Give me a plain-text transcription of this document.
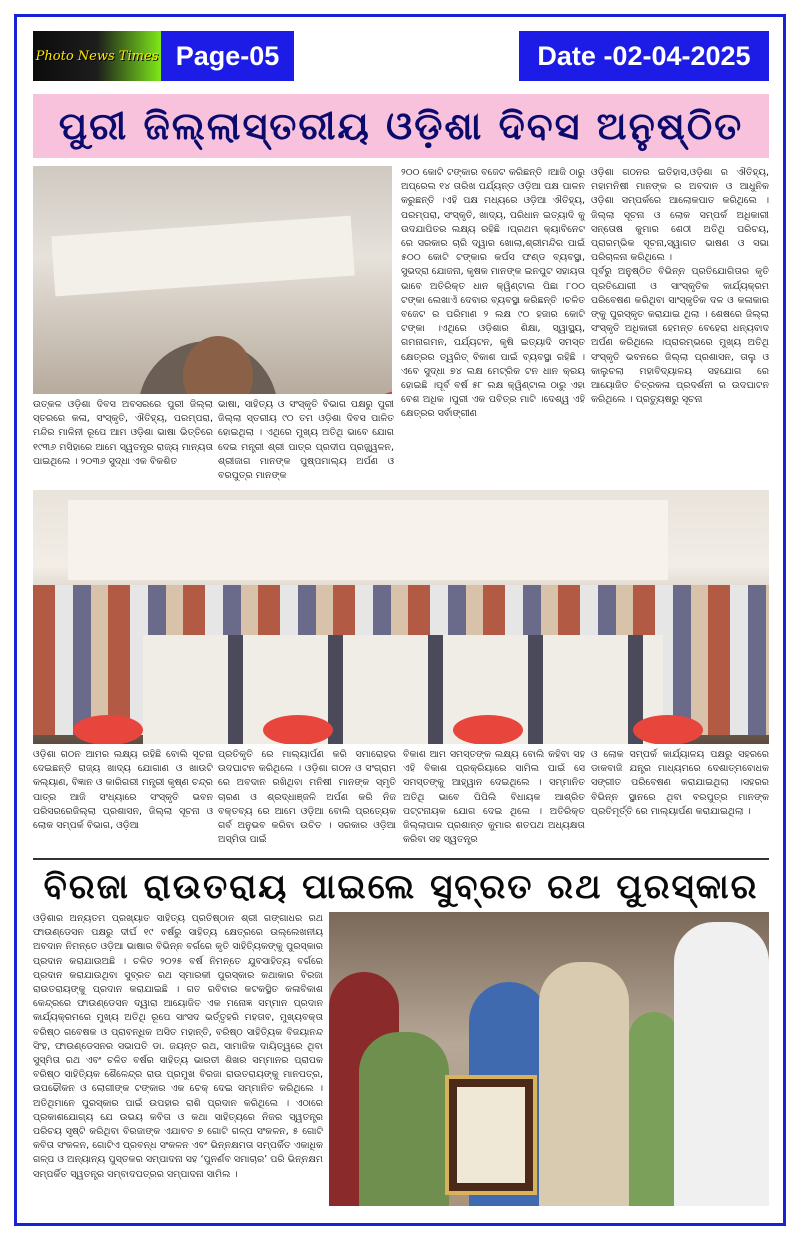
Photo News Times Page-05	Date -02-04-2025
ପୁରୀ ଜିଲ୍ଲାସ୍ତରୀୟ ଓଡ଼ିଶା ଦିବସ ଅନୁଷ୍ଠିତ
ଉତ୍କଳ ଓଡ଼ିଶା ଦିବସ ଅବସରରେ ପୁରୀ ଜିଲ୍ଲା ସ୍ତରରେ କଳା, ସଂସ୍କୃତି, ଐତିହ୍ୟ, ପରମ୍ପରା, ମନ୍ଦିର ମାଳିନୀ ରୂପେ ଆମ ଓଡ଼ିଶା ଭାଷା ଭିତ୍ତିରେ ୧୯୩୬ ମସିହାରେ ଆମେ ସ୍ୱତନ୍ତ୍ର ରାଜ୍ୟ ମାନ୍ୟତା ପାଇଥିଲେ । ୨୦୩୬ ସୁଦ୍ଧା ଏକ ବିକଶିତ
ଭାଷା, ସାହିତ୍ୟ ଓ ସଂସ୍କୃତି ବିଭାଗ ପକ୍ଷରୁ ପୁରୀ ଜିଲ୍ଲା ସ୍ତରୀୟ ୯୦ ତମ ଓଡ଼ିଶା ଦିବସ ପାଳିତ ହୋଇଥିଲା । ଏଥିରେ ମୁଖ୍ୟ ଅତିଥି ଭାବେ ଯୋଗ ଦେଇ ମନ୍ତ୍ରୀ ଶ୍ରୀ ପାତ୍ର ପ୍ରଦୀପ ପ୍ରଜ୍ଜ୍ୱଳନ, ଶ୍ରୀଜାଗ ମାନଙ୍କ ପୁଷ୍ପମାଲ୍ୟ ଅର୍ପଣ ଓ ବରପୁତ୍ର ମାନଙ୍କ
୨୦୦ କୋଟି ଟଙ୍କାର ବଜେଟ କରିଛନ୍ତି ।ଆଜି ଠାରୁ ଅପ୍ରେଲ ୧୪ ତାରିଖ ପର୍ଯ୍ୟନ୍ତ ଓଡ଼ିଆ ପକ୍ଷ ପାଳନ କରୁଛନ୍ତି ।ଏହି ପକ୍ଷ ମଧ୍ୟରେ ଓଡ଼ିଆ ଐତିହ୍ୟ, ପରମ୍ପରା, ସଂସ୍କୃତି, ଖାଦ୍ୟ, ପରିଧାନ ଇତ୍ୟାଦି କୁ ଉଦଯାପିତର ଲକ୍ଷ୍ୟ ରହିଛି ।ପ୍ରଥମ କ୍ୟାବିନେଟ ରେ ସରକାର ଚାରି ଦ୍ୱାର ଖୋଲା,ଶ୍ରୀମନ୍ଦିର ପାଇଁ ୫୦୦ କୋଟି ଟଙ୍କାର କର୍ପସ ଫଣ୍ଡ ବ୍ୟବସ୍ଥା, ସୁଭଦ୍ରା ଯୋଜନା, କୃଷକ ମାନଙ୍କ ଇନପୁଟ ସହାୟତା ଭାବେ ଅତିରିକ୍ତ ଧାନ କ୍ୱିଣ୍ଟାଲ ପିଛା ୮୦୦ ଟଙ୍କା ଲେଖାଏଁ ଦେବାର ବ୍ୟବସ୍ଥା କରିଛନ୍ତି ।ଚଳିତ ବଜେଟ ର ପରିମାଣ ୨ ଲକ୍ଷ ୯୦ ହଜାର କୋଟି ଟଙ୍କା ।ଏଥିରେ ଓଡ଼ିଶାର ଶିକ୍ଷା, ସ୍ୱାସ୍ଥ୍ୟ, ଗମନାଗମନ, ପର୍ଯ୍ୟଟନ, କୃଷି ଇତ୍ୟାଦି ସମସ୍ତ କ୍ଷେତ୍ରର ତ୍ୱରିତ୍ ବିକାଶ ପାଇଁ ବ୍ୟବସ୍ଥା ରହିଛି । ଏବେ ସୁଦ୍ଧା ୭୪ ଲକ୍ଷ ମେଟ୍ରିକ ଟନ ଧାନ କ୍ରୟ ହୋଇଛି ।ପୂର୍ବ ବର୍ଷ ୫୮ ଲକ୍ଷ କ୍ୱିଣ୍ଟାଲ ଠାରୁ ଏହା ବେଶ ଅଧିକ ।ପୁରୀ ଏକ ପବିତ୍ର ମାଟି ।ଦେଶ୍ୱ ଏହି କ୍ଷେତ୍ରର ସର୍ବାଙ୍ଗୀଣ
ଓଡ଼ିଶା ଗଠନର ଇତିହାସ,ଓଡ଼ିଶା ର ଐତିହ୍ୟ, ମହାମନିଷୀ ମାନଙ୍କ ର ଅବଦାନ ଓ ଆଧୁନିକ ଓଡ଼ିଶା ସମ୍ପର୍କରେ ଆଲୋକପାତ କରିଥିଲେ । ଜିଲ୍ଲା ସୂଚନା ଓ ଲୋକ ସମ୍ପର୍କ ଅଧିକାରୀ ସନ୍ତୋଷ କୁମାର ଶେଠୀ ଅତିଥି ପରିଚୟ, ପ୍ରାରମ୍ଭିକ ସୂଚନା,ସ୍ୱାଗତ ଭାଷଣ ଓ ସଭା ପରିଚାଳନା କରିଥିଲେ ।
ପୂର୍ବରୁ ଅନୁଷ୍ଠିତ ବିଭିନ୍ନ ପ୍ରତିଯୋଗିତାର କୃତି ପ୍ରତିଯୋଗୀ ଓ ସାଂସ୍କୃତିକ କାର୍ଯ୍ୟକ୍ରମ ପରିବେଷଣ କରିଥିବା ସାଂସ୍କୃତିକ ଦଳ ଓ କଳାକାର ଙ୍କୁ ପୁରସ୍କୃତ କରାଯାଇ ଥିଲା । ଶେଷରେ ଜିଲ୍ଲା ସଂସ୍କୃତି ଅଧିକାରୀ ହେମନ୍ତ ବେହେରା ଧନ୍ୟବାଦ ଅର୍ପଣ କରିଥିଲେ ।ପ୍ରାରମ୍ଭରେ ମୁଖ୍ୟ ଅତିଥି ସଂସ୍କୃତି ଭବନରେ ଜିଲ୍ଲା ପ୍ରଶାସନ, ତାଲୁ ଓ କାଲୁଚଲା ମହାବିଦ୍ୟାଳୟ ସହଯୋଗ ରେ ଆୟୋଜିତ ଚିତ୍ରକଳା ପ୍ରଦର୍ଶନୀ ର ଉଦଘାଟନ କରିଥିଲେ । ପ୍ରତ୍ୟୁଷରୁ ସୂଚନା
ଓଡ଼ିଶା ଗଠନ ଆମର ଲକ୍ଷ୍ୟ ରହିଛି ବୋଲି ସୂଚନା ଦେଇଛନ୍ତି ରାଜ୍ୟ ଖାଦ୍ୟ ଯୋଗାଣ ଓ ଖାଉଟି କଲ୍ୟାଣ, ବିଜ୍ଞାନ ଓ କାରିଗରୀ ମନ୍ତ୍ରୀ କୃଷ୍ଣ ଚନ୍ଦ୍ର ପାତ୍ର ଆଜି ସଂଧ୍ୟାରେ ସଂସ୍କୃତି ଭବନ ପରିସରରେଜିଲ୍ଲା ପ୍ରଶାସନ, ଜିଲ୍ଲା ସୂଚନା ଓ ଲୋକ ସମ୍ପର୍କ ବିଭାଗ, ଓଡ଼ିଆ
ପ୍ରତିକୃତି ରେ ମାଲ୍ୟାର୍ପଣ କରି ସମାରୋହର ଉଦଘାଟନ କରିଥିଲେ । ଓଡ଼ିଶା ଗଠନ ଓ ସଂଗ୍ରାମ ରେ ଅବଦାନ ରଖିଥିବା ମନିଷୀ ମାନଙ୍କ ସ୍ମୃତି ଚାରଣ ଓ ଶ୍ରଦ୍ଧାଞ୍ଜଳି ଅର୍ପଣ କରି ନିଜ ବକ୍ତବ୍ୟ ରେ ଆମେ ଓଡ଼ିଆ ବୋଲି ପ୍ରତ୍ୟେକ ଗର୍ବ ଅନୁଭବ କରିବା ଉଚିତ । ସରକାର ଓଡ଼ିଆ ଅସ୍ମିତା ପାଇଁ
ବିକାଶ ଆମ ସମସ୍ତଙ୍କ ଲକ୍ଷ୍ୟ ବୋଲି କହିବା ସହ ଏହି ବିକାଶ ପ୍ରକ୍ରିୟାରେ ସାମିଲ ପାଇଁ ସେ ସମସ୍ତଙ୍କୁ ଆହ୍ୱାନ ଦେଇଥିଲେ । ସମ୍ମାନିତ ଅତିଥି ଭାବେ ପିପିଲି ବିଧାୟକ ଆଶ୍ରିତ ପଟ୍ଟନାୟକ ଯୋଗ ଦେଇ ଥିଲେ । ଅତିରିକ୍ତ ଜିଲ୍ଲାପାଳ ପ୍ରଶାନ୍ତ କୁମାର ଶତପଥ ଅଧ୍ୟକ୍ଷତା କରିବା ସହ ସ୍ୱତନ୍ତ୍ର
ଓ ଲୋକ ସମ୍ପର୍କ କାର୍ଯ୍ୟାଳୟ ପକ୍ଷରୁ ସହରରେ ଡାକବାଜି ଯନ୍ତ୍ର ମାଧ୍ୟମରେ ଦେଶାତ୍ମବୋଧକ ସଙ୍ଗୀତ ପରିବେଷଣ କରାଯାଇଥିଲା ।ସହରର ବିଭିନ୍ନ ସ୍ଥାନରେ ଥିବା ବରପୁତ୍ର ମାନଙ୍କ ପ୍ରତିମୂର୍ତ୍ତି ରେ ମାଲ୍ୟାର୍ପଣ କରାଯାଇଥିଲା ।
ବିରଜା ରାଉତରାୟ ପାଇଲେ ସୁବ୍ରତ ରଥ ପୁରସ୍କାର
ଓଡ଼ିଶାର ଅନ୍ୟତମ ପ୍ରଖ୍ୟାତ ସାହିତ୍ୟ ପ୍ରତିଷ୍ଠାନ ଶ୍ରୀ ଗଙ୍ଗାଧର ରଥ ଫାଉଣ୍ଡେସନ ପକ୍ଷରୁ ଦୀର୍ଘ ୧୯ ବର୍ଷରୁ ସାହିତ୍ୟ କ୍ଷେତ୍ରରେ ଉଲ୍ଲେଖନୀୟ ଅବଦାନ ନିମନ୍ତେ ଓଡ଼ିଆ ଭାଷାର ବିଭିନ୍ନ ବର୍ଗରେ କୃତି ସାହିତ୍ୟିକଙ୍କୁ ପୁରସ୍କାର ପ୍ରଦାନ କରାଯାଉଅଛି । ଚଳିତ ୨୦୨୫ ବର୍ଷ ନିମନ୍ତେ ଯୁବସାହିତ୍ୟ ବର୍ଗରେ ପ୍ରଦାନ କରାଯାଉଥିବା ସୁବ୍ରତ ରଥ ସ୍ମାରକୀ ପୁରସ୍କାର କଥାକାର ବିରଜା ରାଉତରାୟଙ୍କୁ ପ୍ରଦାନ କରାଯାଇଛି । ଗତ ରବିବାର କଟକସ୍ଥିତ କଳାବିକାଶ କେନ୍ଦ୍ରରେ ଫାଉଣ୍ଡେସନ ଦ୍ୱାରା ଆୟୋଜିତ ଏକ ମନୋଜ୍ଞ ସମ୍ମାନ ପ୍ରଦାନ କାର୍ଯ୍ୟକ୍ରମରେ ମୁଖ୍ୟ ଅତିଥି ରୂପେ ସାଂସଦ ଭର୍ତ୍ତୃହରି ମହତାବ, ମୁଖ୍ୟବକ୍ତା ବରିଷ୍ଠ ଗବେଷକ ଓ ପ୍ରାବନ୍ଧିକ ଅସିତ ମହାନ୍ତି, ବରିଷ୍ଠ ସାହିତ୍ୟିକ ବିଜୟାନନ୍ଦ ସିଂହ, ଫାଉଣ୍ଡେସନର ସଭାପତି ଡା. ଜୟନ୍ତ ରଥ, ସାମାଜିକ ଦାୟିତ୍ୱରେ ଥିବା ସୁସ୍ମିତା ରଥ ଏବଂ ଚଳିତ ବର୍ଷର ସାହିତ୍ୟ ଭାରତୀ ଶିଖର ସମ୍ମାନର ପ୍ରାପକ ବରିଷ୍ଠ ସାହିତ୍ୟିକ ଶୈଳେନ୍ଦ୍ର ରାଉ ପ୍ରମୁଖ ବିରଜା ରାଉତରାୟଙ୍କୁ ମାନପତ୍ର, ଉପଢୌକନ ଓ ଲୋଗୀଙ୍କ ଟଙ୍କାର ଏକ ଚେକ୍ ଦେଇ ସମ୍ମାନିତ କରିଥିଲେ । ଅତିଥିମାନେ ପୁରସ୍କାର ପାଇଁ ଉପହାର ରାଶି ପ୍ରଦାନ କରିଥିଲେ । ଏଠାରେ ପ୍ରକାଶଯୋଗ୍ୟ ଯେ ଉଭୟ କବିତା ଓ କଥା ସାହିତ୍ୟରେ ନିଜର ସ୍ୱତନ୍ତ୍ର ପରିଚୟ ସୃଷ୍ଟି କରିଥିବା ବିରଜାଙ୍କ ଏଯାବତ ୭ ଗୋଟି ଗଳ୍ପ ସଂକଳନ, ୫ ଗୋଟି କବିତା ସଂକଳନ, ଗୋଟିଏ ପ୍ରବନ୍ଧ ସଂକଳନ ଏବଂ ଭିନ୍ନକ୍ଷମତା ସମ୍ପର୍କିତ ଏକାଧିକ ଗଳ୍ପ ଓ ଅନ୍ୟାନ୍ୟ ପୁସ୍ତକର ସମ୍ପାଦନା ସହ ‘ପୁନର୍ଣବ ସମାଚାର’ ପରି ଭିନ୍ନକ୍ଷମ ସମ୍ପର୍କିତ ସ୍ୱତନ୍ତ୍ର ସମ୍ବାଦପତ୍ରର ସମ୍ପାଦନା ସାମିଲ ।
